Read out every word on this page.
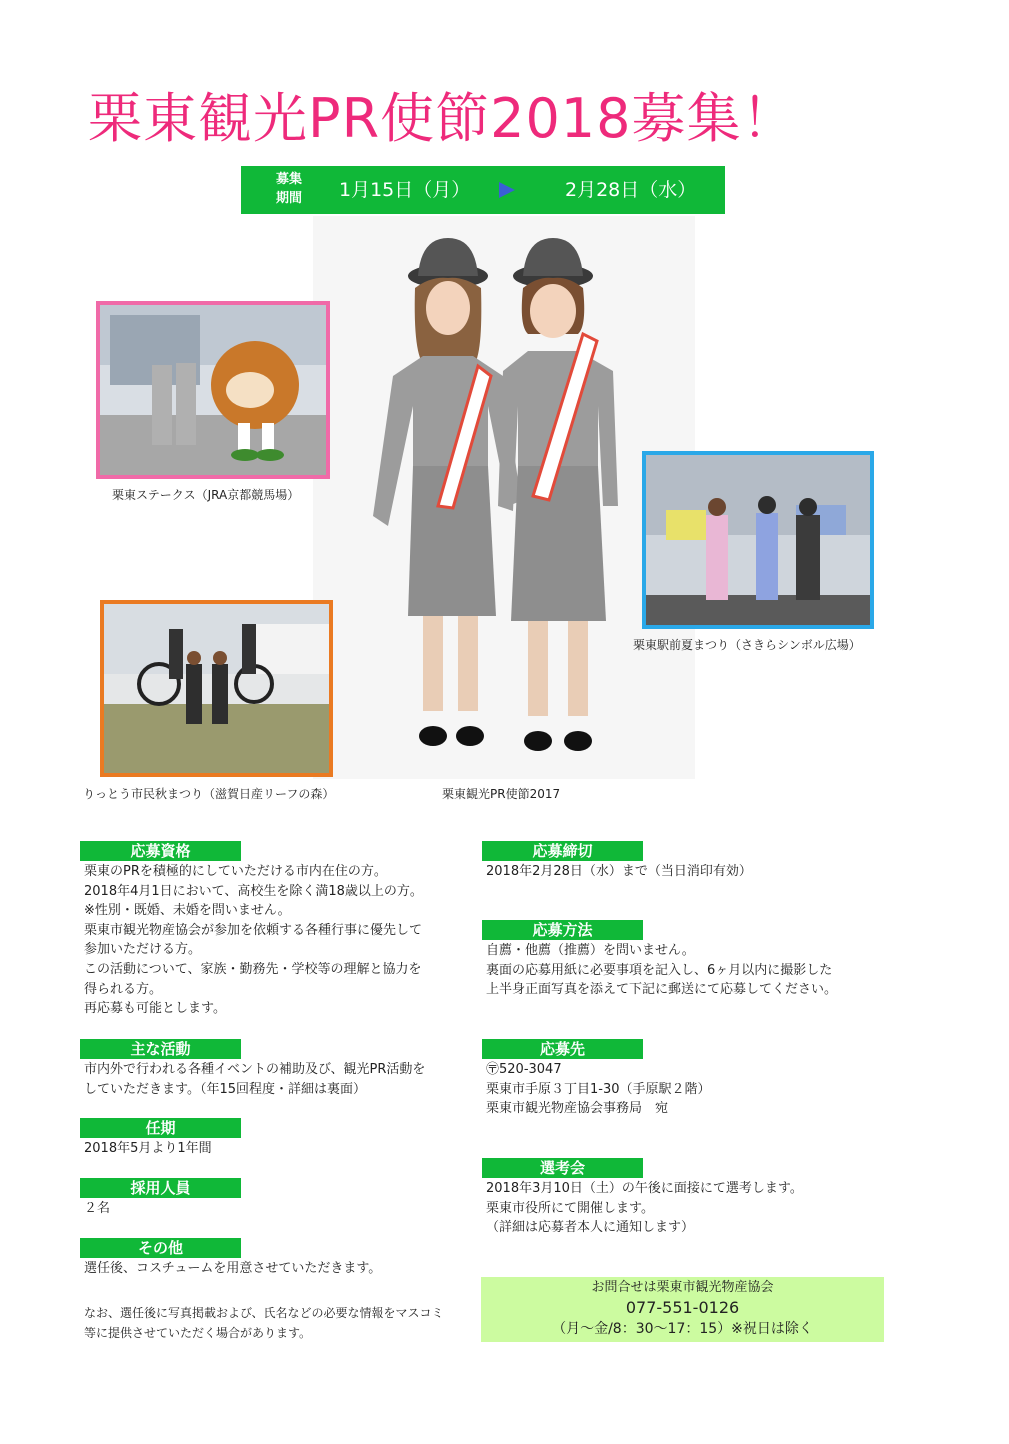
栗東観光PR使節2018募集！
募集
期間	1月15日（月）	2月28日（水）
栗東ステークス（JRA京都競馬場）
栗東駅前夏まつり（さきらシンボル広場）
りっとう市民秋まつり（滋賀日産リーフの森）	栗東観光PR使節2017
応募資格
栗東のPRを積極的にしていただける市内在住の方。
2018年4月1日において、高校生を除く満18歳以上の方。
※性別・既婚、未婚を問いません。
栗東市観光物産協会が参加を依頼する各種行事に優先して
参加いただける方。
この活動について、家族・勤務先・学校等の理解と協力を
得られる方。
再応募も可能とします。
主な活動
市内外で行われる各種イベントの補助及び、観光PR活動を
していただきます。（年15回程度・詳細は裏面）
任期
2018年5月より1年間
採用人員
２名
その他
選任後、コスチュームを用意させていただきます。
なお、選任後に写真掲載および、氏名などの必要な情報をマスコミ
等に提供させていただく場合があります。
応募締切
2018年2月28日（水）まで（当日消印有効）
応募方法
自薦・他薦（推薦）を問いません。
裏面の応募用紙に必要事項を記入し、6ヶ月以内に撮影した
上半身正面写真を添えて下記に郵送にて応募してください。
応募先
〶520-3047
栗東市手原３丁目1-30（手原駅２階）
栗東市観光物産協会事務局　宛
選考会
2018年3月10日（土）の午後に面接にて選考します。
栗東市役所にて開催します。
（詳細は応募者本人に通知します）
お問合せは栗東市観光物産協会
077-551-0126
（月～金/8：30～17：15）※祝日は除く
